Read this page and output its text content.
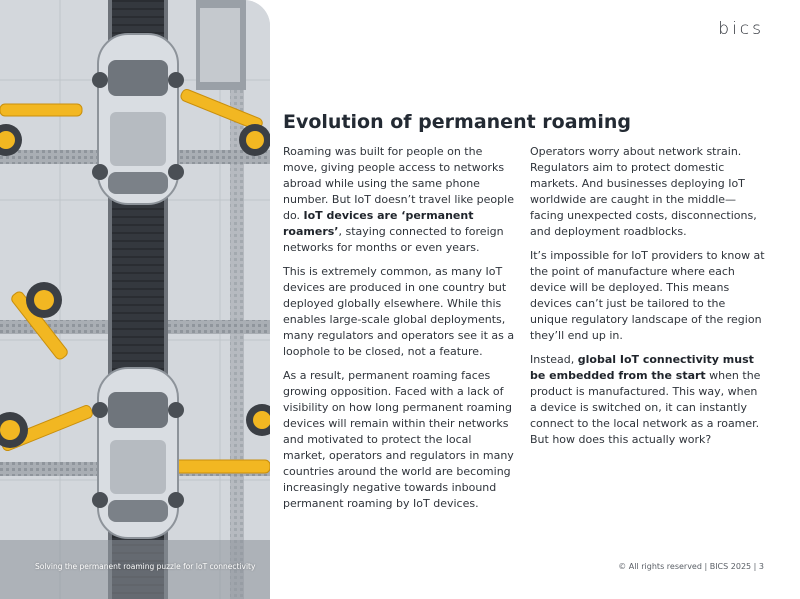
Solving the permanent roaming puzzle for IoT connectivity
bics
Evolution of permanent roaming

Roaming was built for people on the move, giving people access to networks abroad while using the same phone number. But IoT doesn’t travel like people do. IoT devices are ‘permanent roamers’, staying connected to foreign networks for months or even years.

This is extremely common, as many IoT devices are produced in one country but deployed globally elsewhere. While this enables large-scale global deployments, many regulators and operators see it as a loophole to be closed, not a feature.

As a result, permanent roaming faces growing opposition. Faced with a lack of visibility on how long permanent roaming devices will remain within their networks and motivated to protect the local market, operators and regulators in many countries around the world are becoming increasingly negative towards inbound permanent roaming by IoT devices.

Operators worry about network strain. Regulators aim to protect domestic markets. And businesses deploying IoT worldwide are caught in the middle—facing unexpected costs, disconnections, and deployment roadblocks.

It’s impossible for IoT providers to know at the point of manufacture where each device will be deployed. This means devices can’t just be tailored to the unique regulatory landscape of the region they’ll end up in.

Instead, global IoT connectivity must be embedded from the start when the product is manufactured. This way, when a device is switched on, it can instantly connect to the local network as a roamer. But how does this actually work?

© All rights reserved | BICS 2025 | 3
